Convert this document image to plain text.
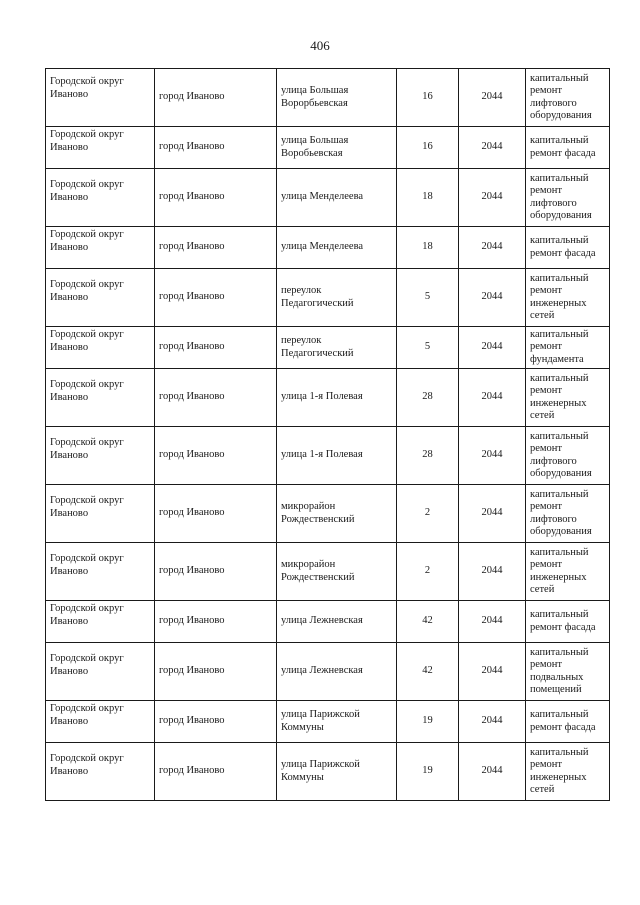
406
Городской округ Иваново	город Иваново	улица Большая Ворорбьевская	16	2044	капитальный ремонт лифтового оборудования

Городской округ Иваново	город Иваново	улица Большая Воробьевская	16	2044	капитальный ремонт фасада

Городской округ Иваново	город Иваново	улица Менделеева	18	2044	капитальный ремонт лифтового оборудования

Городской округ Иваново	город Иваново	улица Менделеева	18	2044	капитальный ремонт фасада

Городской округ Иваново	город Иваново	переулок Педагогический	5	2044	капитальный ремонт инженерных сетей

Городской округ Иваново	город Иваново	переулок Педагогический	5	2044	капитальный ремонт фундамента

Городской округ Иваново	город Иваново	улица 1-я Полевая	28	2044	капитальный ремонт инженерных сетей

Городской округ Иваново	город Иваново	улица 1-я Полевая	28	2044	капитальный ремонт лифтового оборудования

Городской округ Иваново	город Иваново	микрорайон Рождественский	2	2044	капитальный ремонт лифтового оборудования

Городской округ Иваново	город Иваново	микрорайон Рождественский	2	2044	капитальный ремонт инженерных сетей

Городской округ Иваново	город Иваново	улица Лежневская	42	2044	капитальный ремонт фасада

Городской округ Иваново	город Иваново	улица Лежневская	42	2044	капитальный ремонт подвальных помещений

Городской округ Иваново	город Иваново	улица Парижской Коммуны	19	2044	капитальный ремонт фасада

Городской округ Иваново	город Иваново	улица Парижской Коммуны	19	2044	капитальный ремонт инженерных сетей
